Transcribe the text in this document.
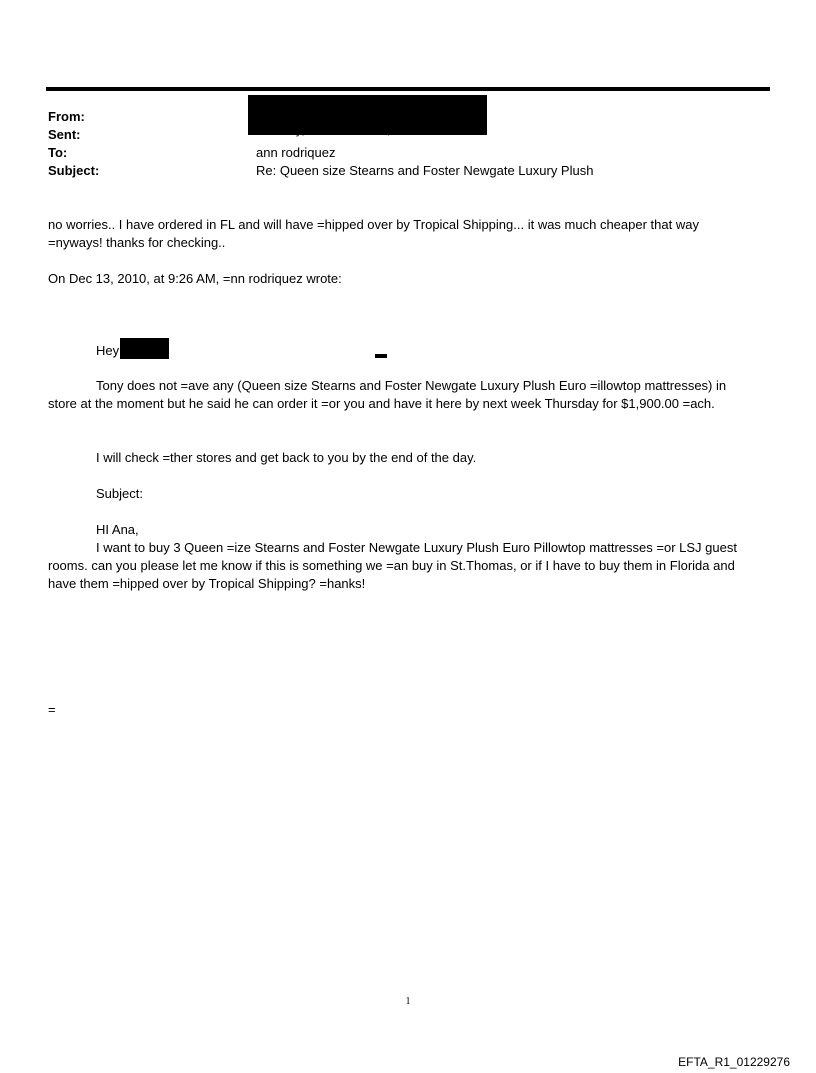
From:
Sent:
To:	ann rodriquez
Subject:	Re: Queen size Stearns and Foster Newgate Luxury Plush
no worries.. I have ordered in FL and will have =hipped over by Tropical Shipping... it was much cheaper that way
=nyways! thanks for checking..
On Dec 13, 2010, at 9:26 AM, =nn rodriquez wrote:
Hey
Tony does not =ave any (Queen size Stearns and Foster Newgate Luxury Plush Euro =illowtop mattresses) in
store at the moment but he said he can order it =or you and have it here by next week Thursday for $1,900.00 =ach.
I will check =ther stores and get back to you by the end of the day.
Subject:
HI Ana,
I want to buy 3 Queen =ize Stearns and Foster Newgate Luxury Plush Euro Pillowtop mattresses =or LSJ guest
rooms. can you please let me know if this is something we =an buy in St.Thomas, or if I have to buy them in Florida and
have them =hipped over by Tropical Shipping? =hanks!
=
1
EFTA_R1_01229276
